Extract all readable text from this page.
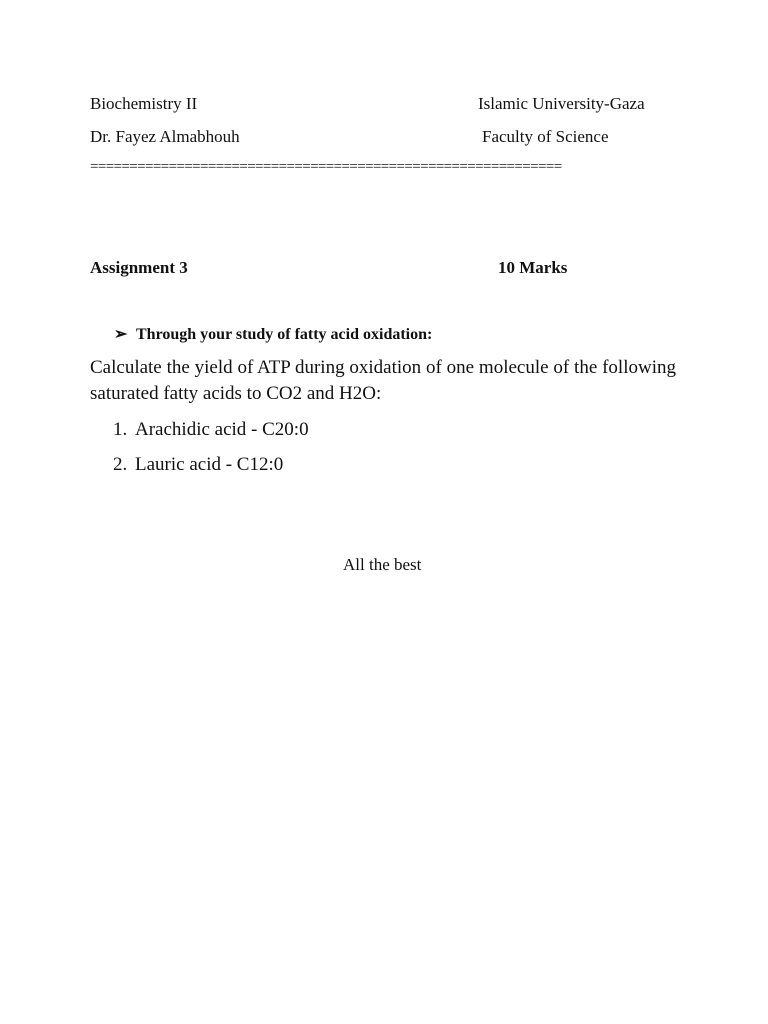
Biochemistry II	Islamic University-Gaza
Dr. Fayez Almabhouh	Faculty of Science
============================================================
Assignment 3	10 Marks
➢ Through your study of fatty acid oxidation:
Calculate the yield of ATP during oxidation of one molecule of the following saturated fatty acids to CO2 and H2O:
1. Arachidic acid - C20:0
2. Lauric acid - C12:0
All the best
